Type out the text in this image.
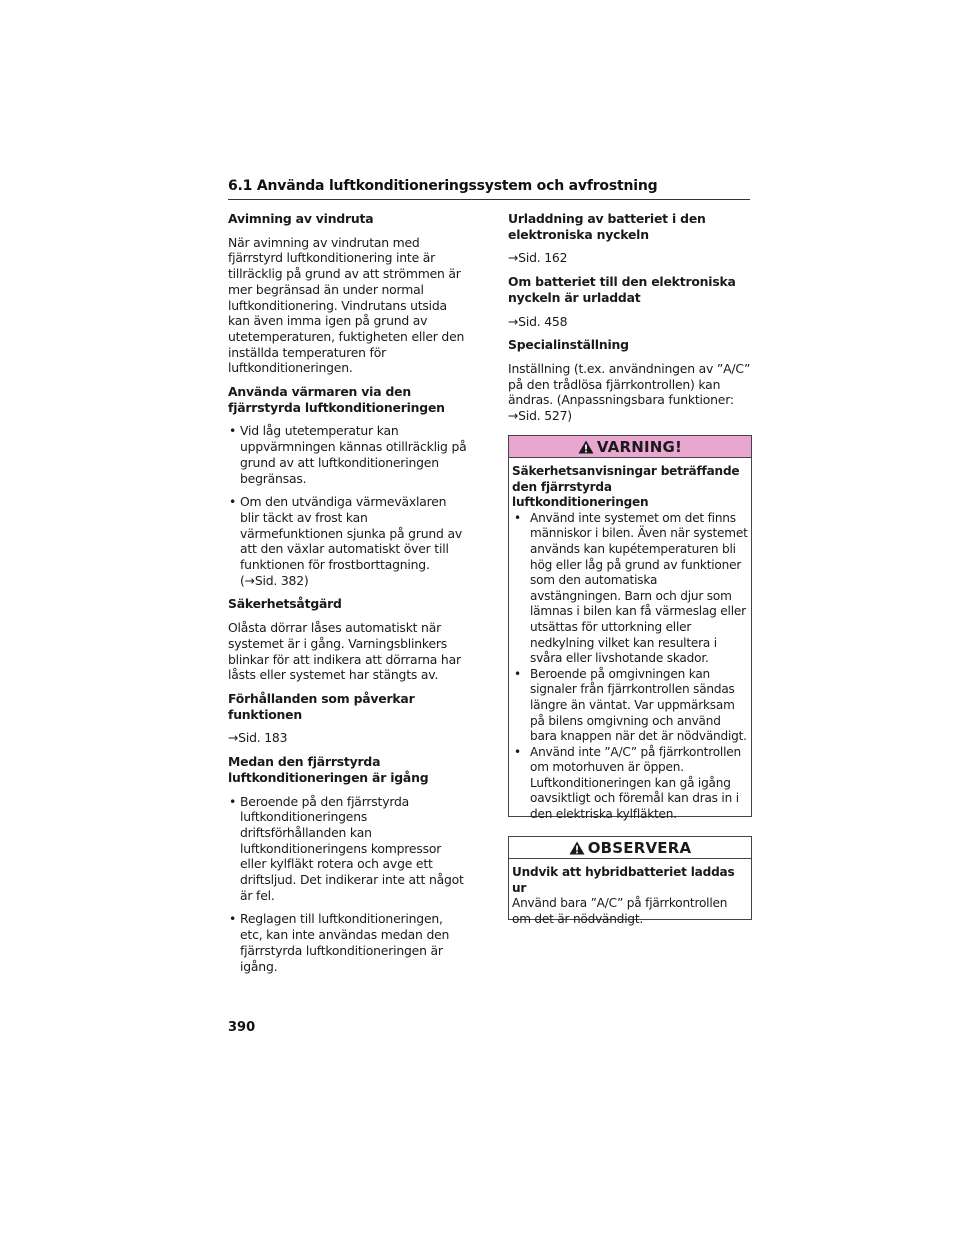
6.1 Använda luftkonditioneringssystem och avfrostning
Avimning av vindruta

När avimning av vindrutan med fjärrstyrd luftkonditionering inte är tillräcklig på grund av att strömmen är mer begränsad än under normal luftkonditionering. Vindrutans utsida kan även imma igen på grund av utetemperaturen, fuktigheten eller den inställda temperaturen för luftkonditioneringen.

Använda värmaren via den fjärrstyrda luftkonditioneringen
• Vid låg utetemperatur kan uppvärmningen kännas otillräcklig på grund av att luftkonditioneringen begränsas.
• Om den utvändiga värmeväxlaren blir täckt av frost kan värmefunktionen sjunka på grund av att den växlar automatiskt över till funktionen för frostborttagning. (→Sid. 382)
Säkerhetsåtgärd

Olåsta dörrar låses automatiskt när systemet är i gång. Varningsblinkers blinkar för att indikera att dörrarna har låsts eller systemet har stängts av.

Förhållanden som påverkar funktionen
→Sid. 183
Medan den fjärrstyrda luftkonditioneringen är igång
• Beroende på den fjärrstyrda luftkonditioneringens driftsförhållanden kan luftkonditioneringens kompressor eller kylfläkt rotera och avge ett driftsljud. Det indikerar inte att något är fel.
• Reglagen till luftkonditioneringen, etc, kan inte användas medan den fjärrstyrda luftkonditioneringen är igång.
Urladdning av batteriet i den elektroniska nyckeln
→Sid. 162
Om batteriet till den elektroniska nyckeln är urladdat
→Sid. 458
Specialinställning

Inställning (t.ex. användningen av ”A/C” på den trådlösa fjärrkontrollen) kan ändras. (Anpassningsbara funktioner: →Sid. 527)

VARNING!
Säkerhetsanvisningar beträffande den fjärrstyrda luftkonditioneringen
• Använd inte systemet om det finns människor i bilen. Även när systemet används kan kupétemperaturen bli hög eller låg på grund av funktioner som den automatiska avstängningen. Barn och djur som lämnas i bilen kan få värmeslag eller utsättas för uttorkning eller nedkylning vilket kan resultera i svåra eller livshotande skador.
• Beroende på omgivningen kan signaler från fjärrkontrollen sändas längre än väntat. Var uppmärksam på bilens omgivning och använd bara knappen när det är nödvändigt.
• Använd inte ”A/C” på fjärrkontrollen om motorhuven är öppen. Luftkonditioneringen kan gå igång oavsiktligt och föremål kan dras in i den elektriska kylfläkten.
OBSERVERA
Undvik att hybridbatteriet laddas ur

Använd bara ”A/C” på fjärrkontrollen om det är nödvändigt.

390
